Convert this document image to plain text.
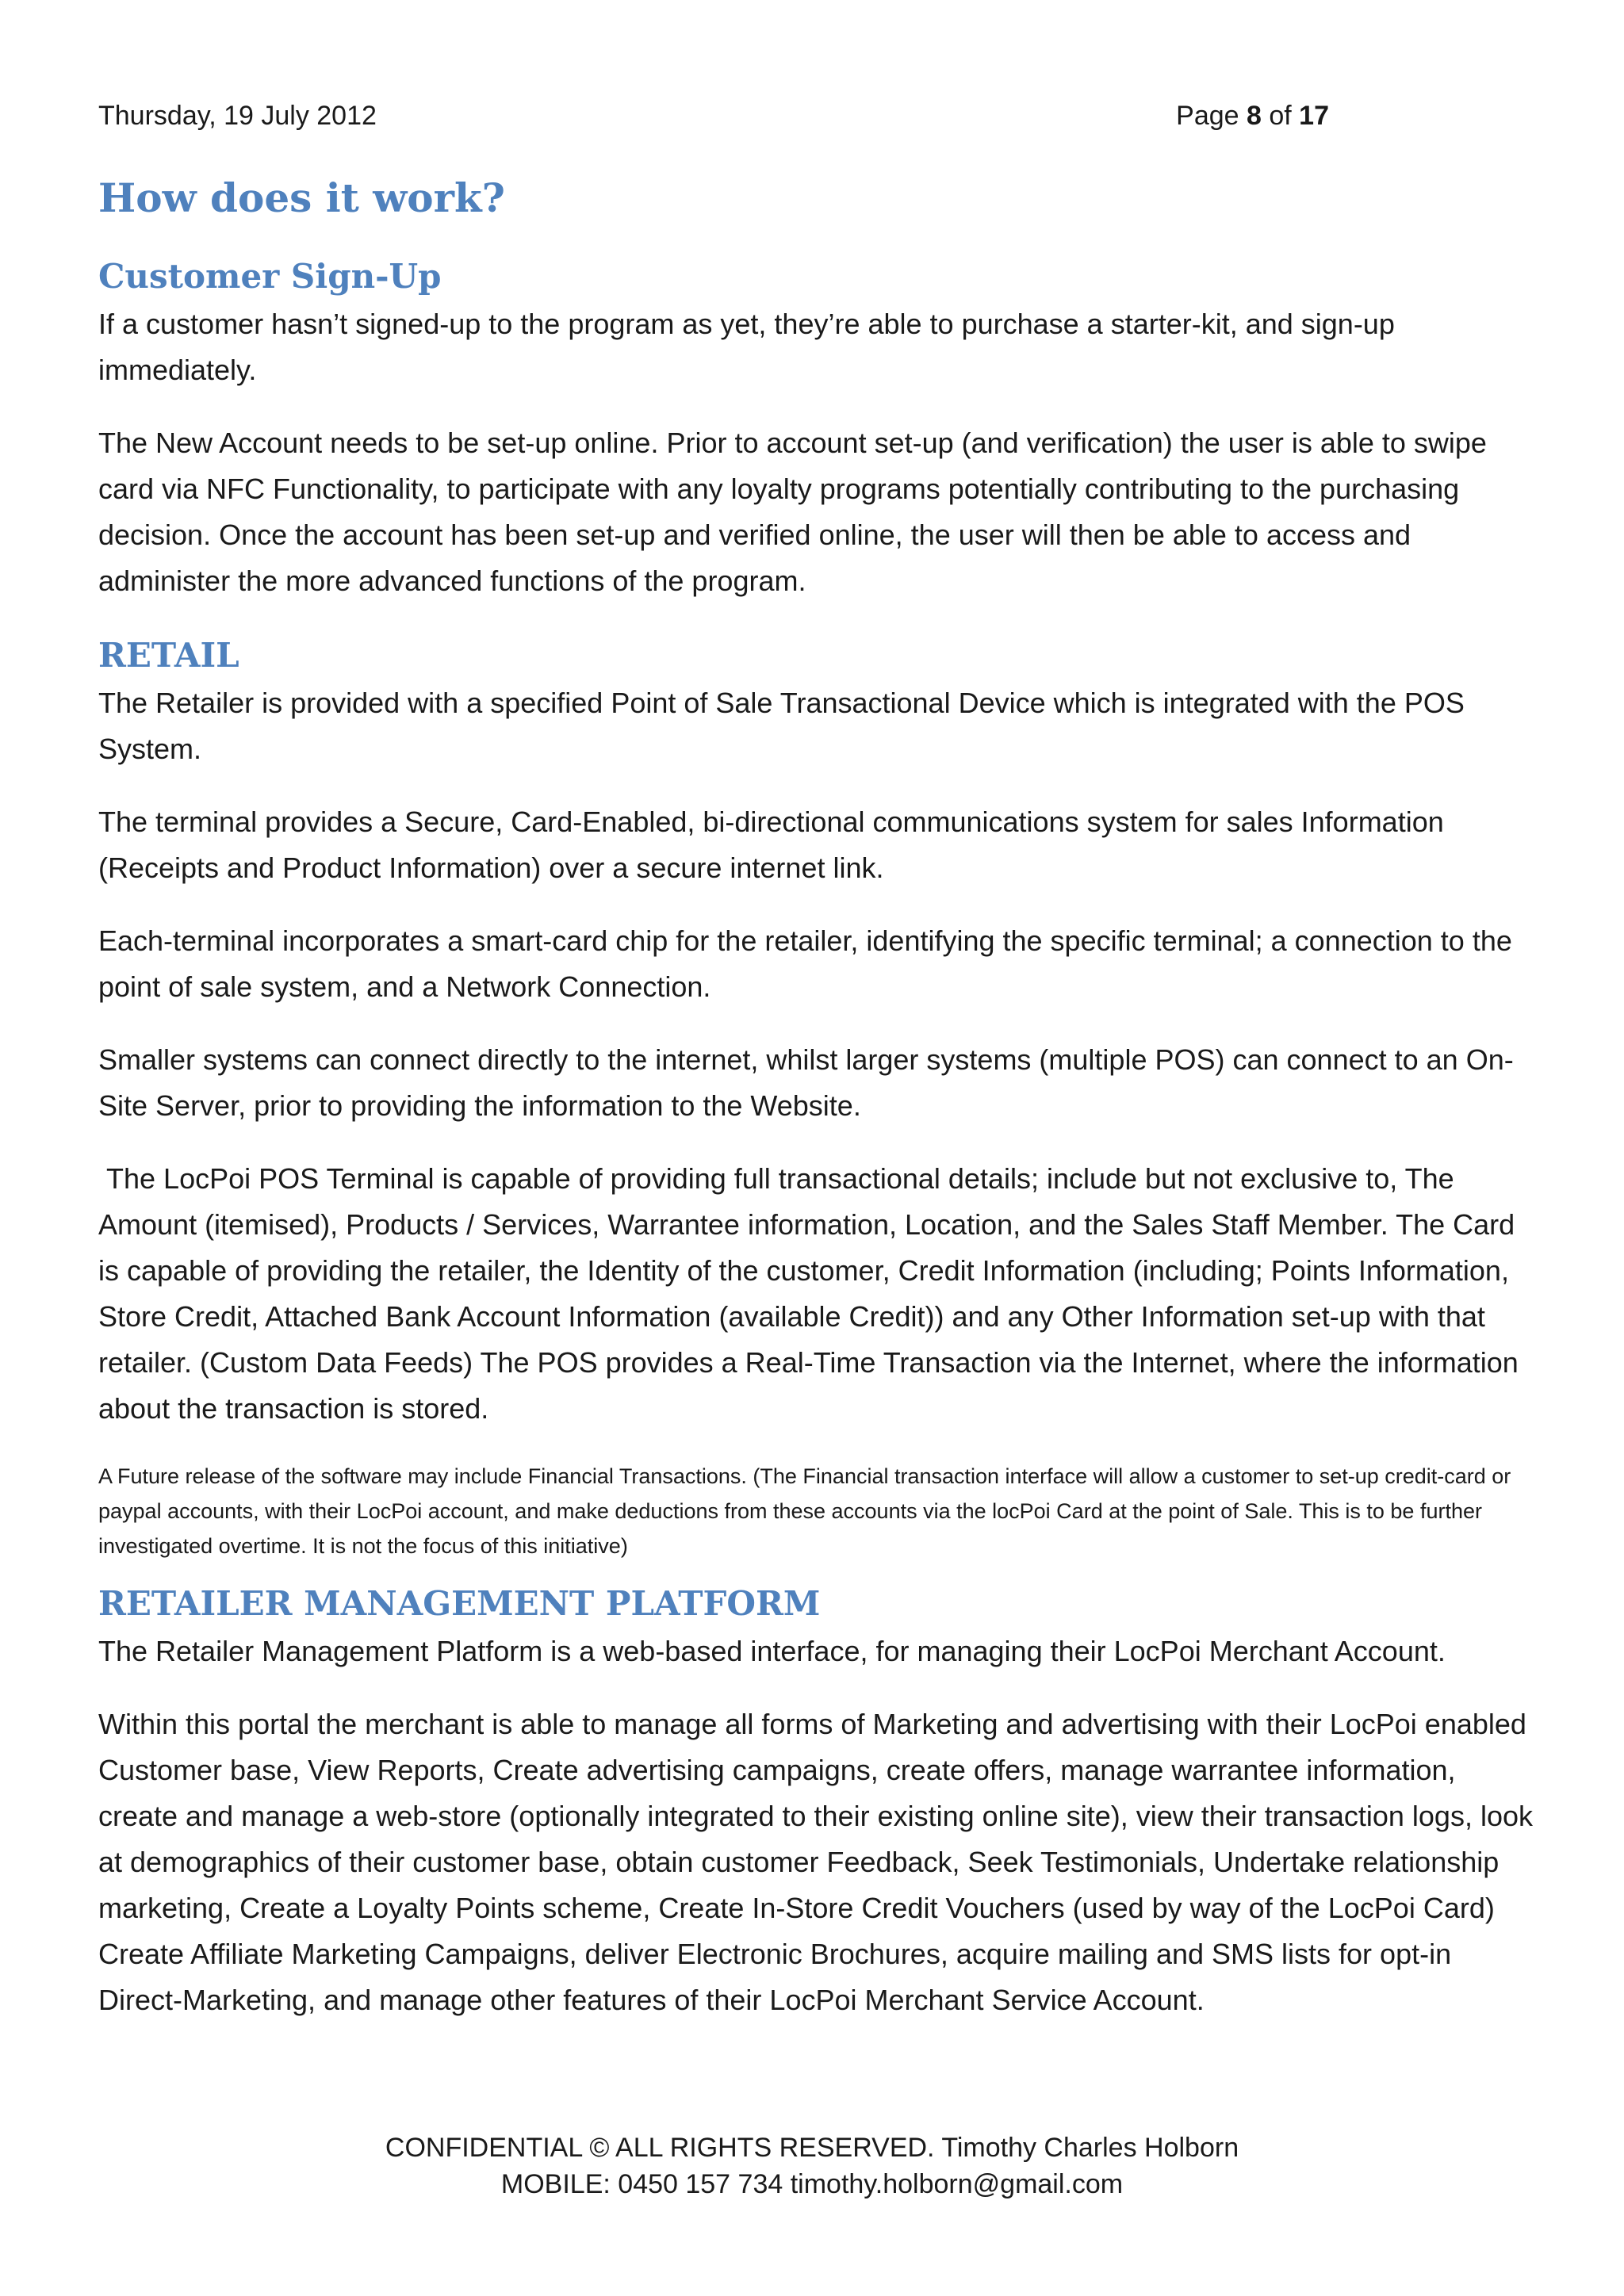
Thursday, 19 July 2012	Page 8 of 17
How does it work?
Customer Sign-Up

If a customer hasn’t signed-up to the program as yet, they’re able to purchase a starter-kit, and sign-up immediately.

The New Account needs to be set-up online. Prior to account set-up (and verification) the user is able to swipe card via NFC Functionality, to participate with any loyalty programs potentially contributing to the purchasing decision. Once the account has been set-up and verified online, the user will then be able to access and administer the more advanced functions of the program.

RETAIL

The Retailer is provided with a specified Point of Sale Transactional Device which is integrated with the POS System.

The terminal provides a Secure, Card-Enabled, bi-directional communications system for sales Information (Receipts and Product Information) over a secure internet link.

Each-terminal incorporates a smart-card chip for the retailer, identifying the specific terminal; a connection to the point of sale system, and a Network Connection.

Smaller systems can connect directly to the internet, whilst larger systems (multiple POS) can connect to an On-Site Server, prior to providing the information to the Website.

The LocPoi POS Terminal is capable of providing full transactional details; include but not exclusive to, The Amount (itemised), Products / Services, Warrantee information, Location, and the Sales Staff Member. The Card is capable of providing the retailer, the Identity of the customer, Credit Information (including; Points Information, Store Credit, Attached Bank Account Information (available Credit)) and any Other Information set-up with that retailer. (Custom Data Feeds) The POS provides a Real-Time Transaction via the Internet, where the information about the transaction is stored.

A Future release of the software may include Financial Transactions. (The Financial transaction interface will allow a customer to set-up credit-card or paypal accounts, with their LocPoi account, and make deductions from these accounts via the locPoi Card at the point of Sale. This is to be further investigated overtime. It is not the focus of this initiative)

RETAILER MANAGEMENT PLATFORM

The Retailer Management Platform is a web-based interface, for managing their LocPoi Merchant Account.

Within this portal the merchant is able to manage all forms of Marketing and advertising with their LocPoi enabled Customer base, View Reports, Create advertising campaigns, create offers, manage warrantee information, create and manage a web-store (optionally integrated to their existing online site), view their transaction logs, look at demographics of their customer base, obtain customer Feedback, Seek Testimonials, Undertake relationship marketing, Create a Loyalty Points scheme, Create In-Store Credit Vouchers (used by way of the LocPoi Card) Create Affiliate Marketing Campaigns, deliver Electronic Brochures, acquire mailing and SMS lists for opt-in Direct-Marketing, and manage other features of their LocPoi Merchant Service Account.

CONFIDENTIAL © ALL RIGHTS RESERVED. Timothy Charles Holborn
MOBILE: 0450 157 734 timothy.holborn@gmail.com
